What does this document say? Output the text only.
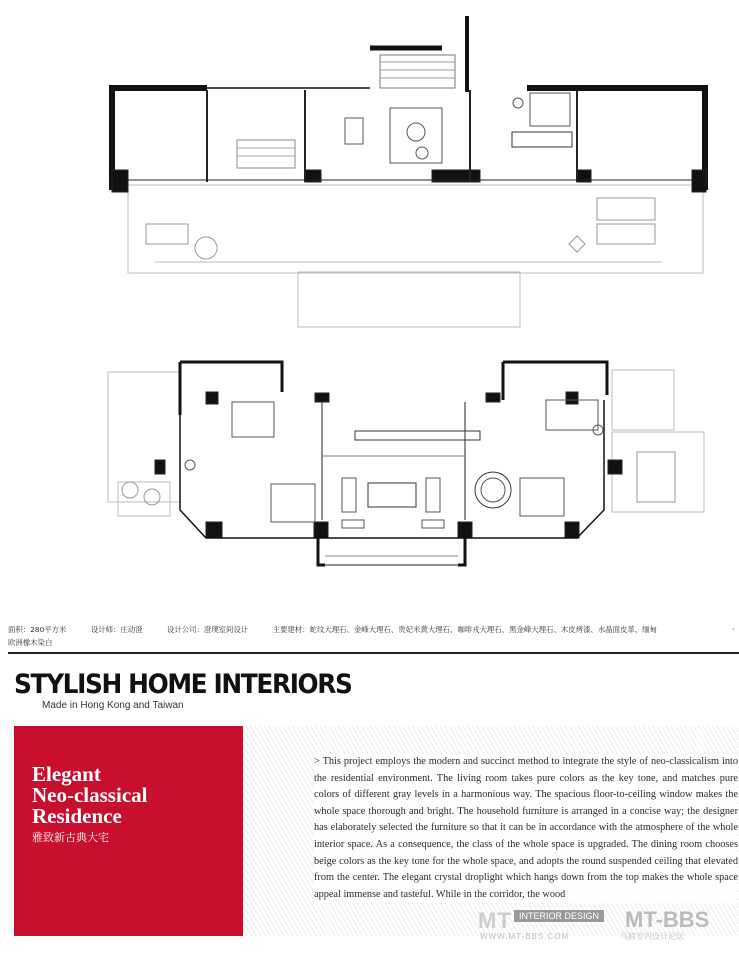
面积：280平方米	设计师：庄动澄	设计公司：澄璞室间设计	主要建材：蛇纹大理石、金峰大理石、贵妃米黄大理石、咖啡戎大理石、黑金峰大理石、木皮烤漆、水晶面皮革、缅甸
欧洲橡木染白
·
STYLISH HOME INTERIORS
Made in Hong Kong and Taiwan
Elegant
Neo-classical
Residence
雅致新古典大宅
> This project employs the modern and succinct method to integrate the style of neo-classicalism into the residential environment. The living room takes pure colors as the key tone, and matches pure colors of different gray levels in a harmonious way. The spacious floor-to-ceiling window makes the whole space thorough and bright. The household furniture is arranged in a concise way; the designer has elaborately selected the furniture so that it can be in accordance with the atmosphere of the whole interior space. As a consequence, the class of the whole space is upgraded. The dining room chooses beige colors as the key tone for the whole space, and adopts the round suspended ceiling that elevated from the center. The elegant crystal droplight which hangs down from the top makes the whole space appeal immense and tasteful. While in the corridor, the wood
MT INTERIOR DESIGN MT-BBS
WWW.MT-BBS.COM	马蹄室内设计论坛
